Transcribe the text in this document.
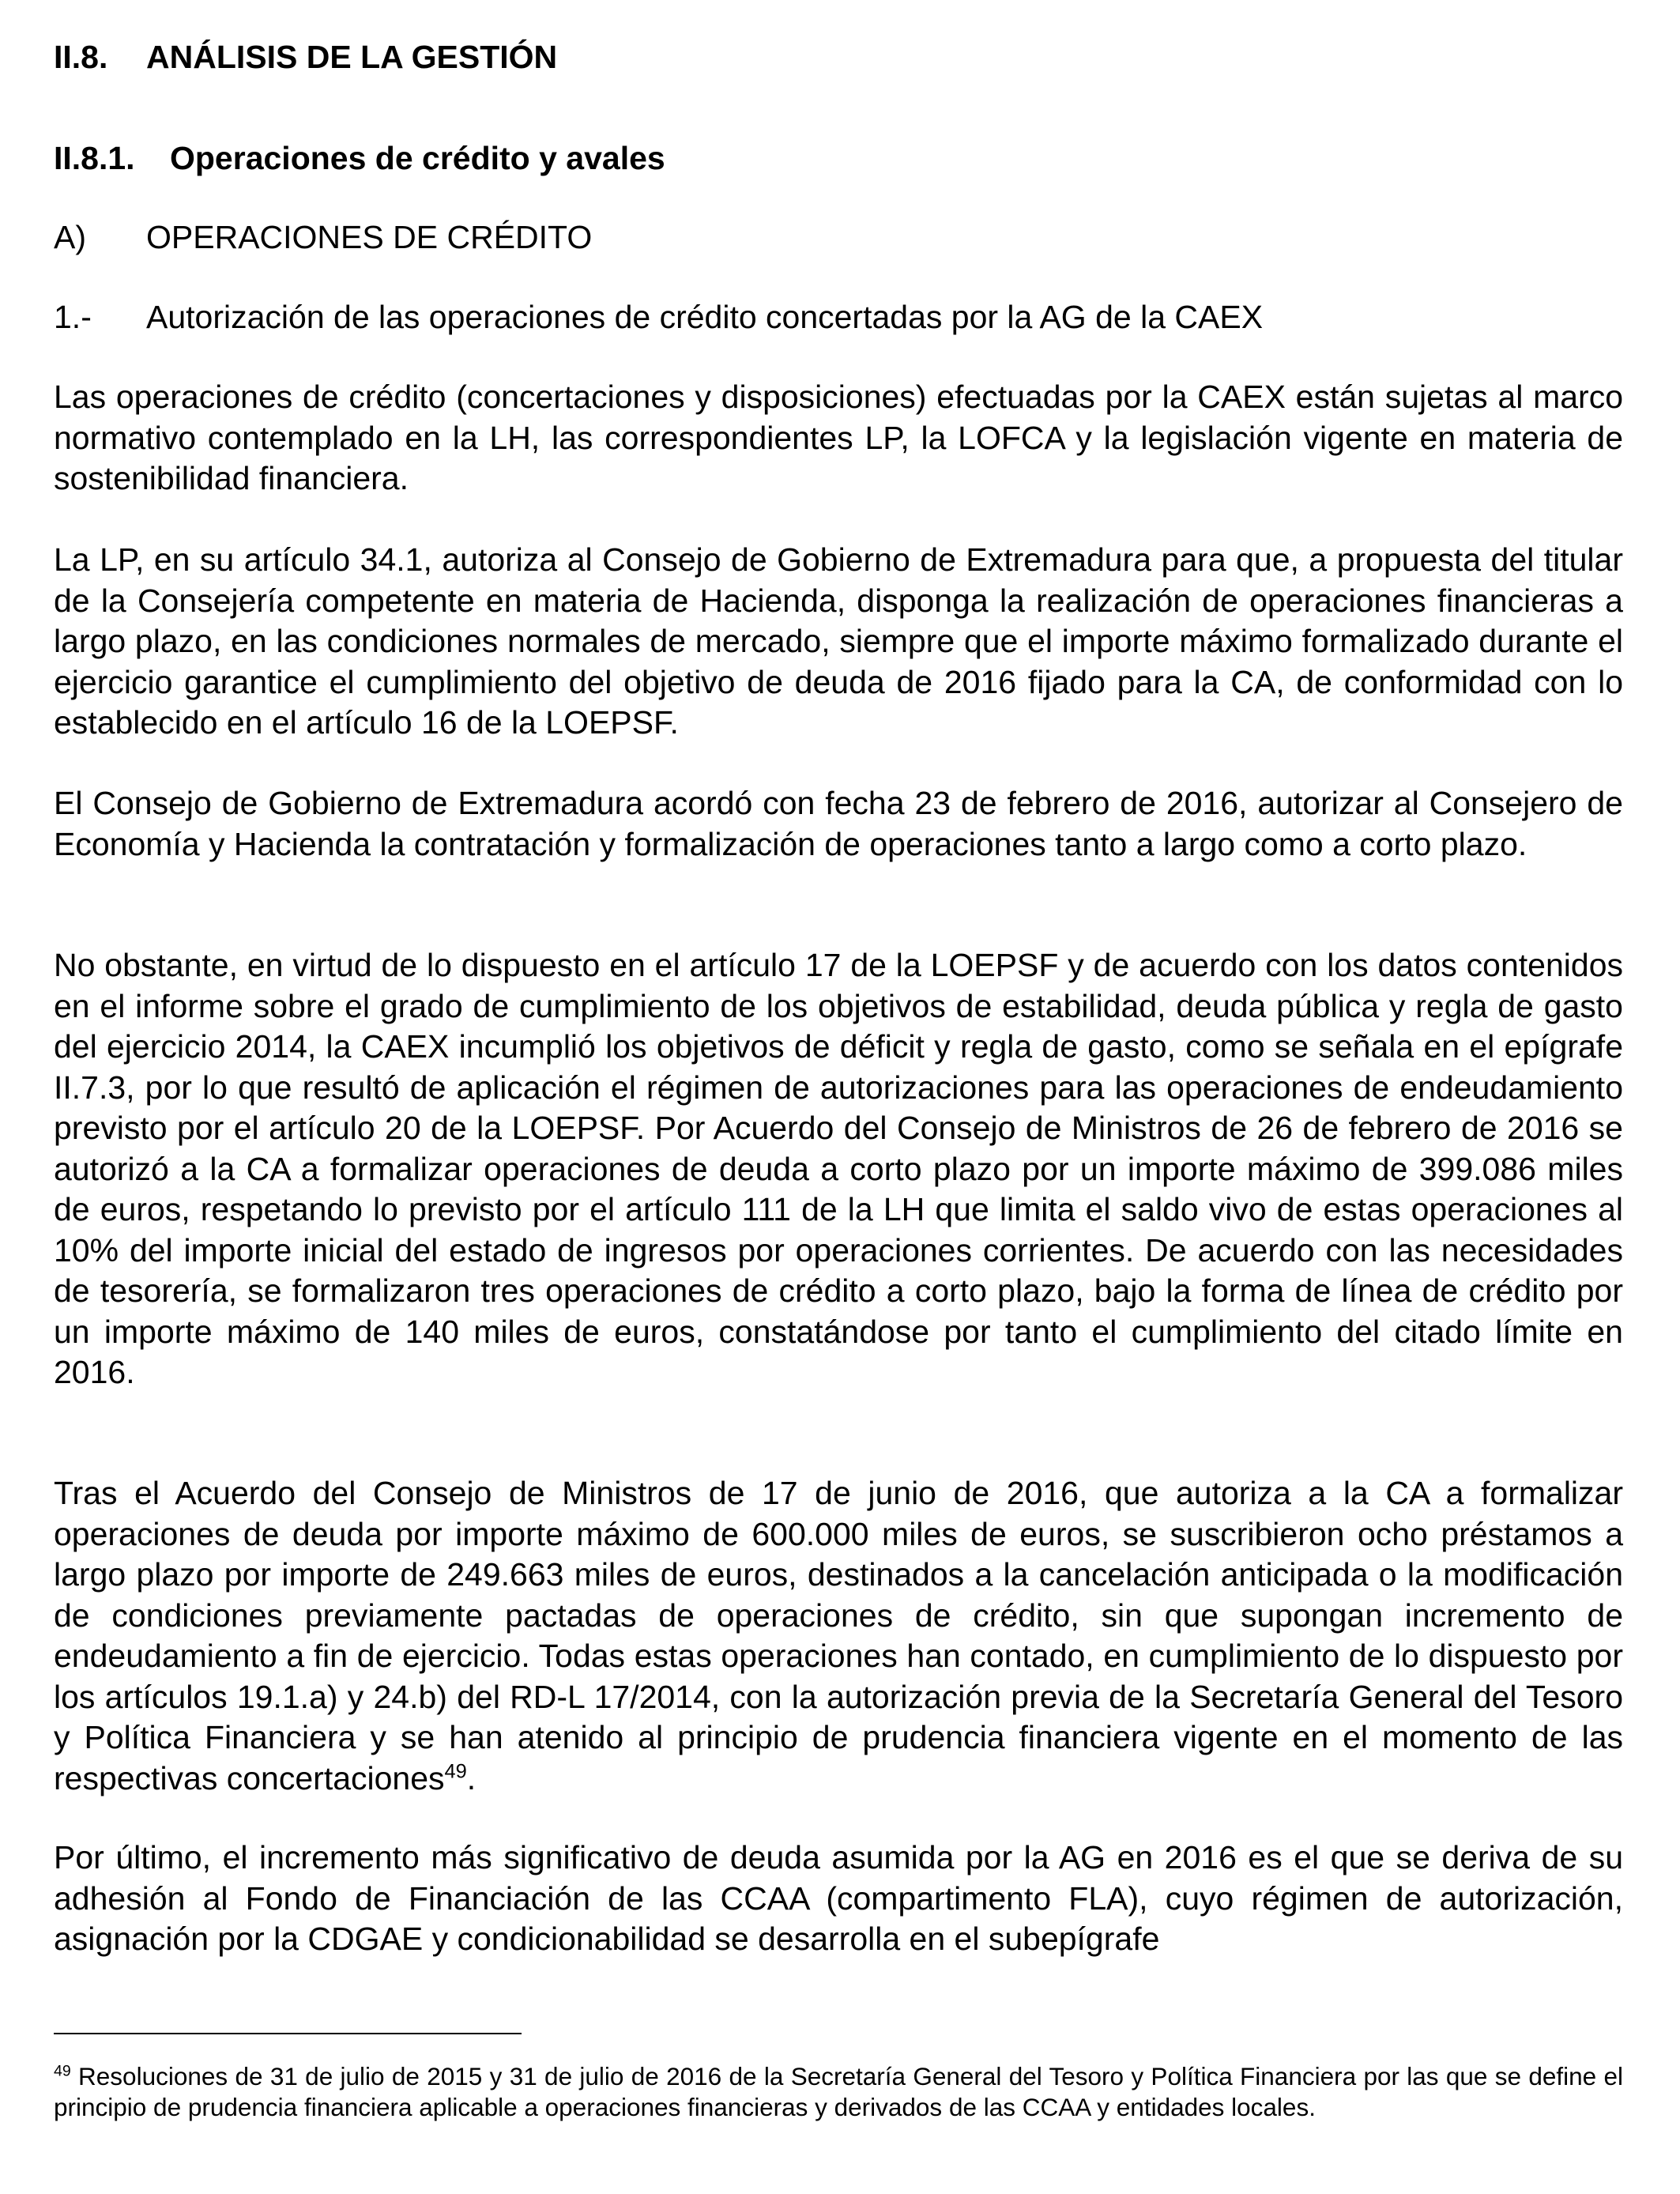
II.8. ANÁLISIS DE LA GESTIÓN
II.8.1. Operaciones de crédito y avales
A) OPERACIONES DE CRÉDITO
1.- Autorización de las operaciones de crédito concertadas por la AG de la CAEX

Las operaciones de crédito (concertaciones y disposiciones) efectuadas por la CAEX están sujetas al marco normativo contemplado en la LH, las correspondientes LP, la LOFCA y la legislación vigente en materia de sostenibilidad financiera.

La LP, en su artículo 34.1, autoriza al Consejo de Gobierno de Extremadura para que, a propuesta del titular de la Consejería competente en materia de Hacienda, disponga la realización de operaciones financieras a largo plazo, en las condiciones normales de mercado, siempre que el importe máximo formalizado durante el ejercicio garantice el cumplimiento del objetivo de deuda de 2016 fijado para la CA, de conformidad con lo establecido en el artículo 16 de la LOEPSF.

El Consejo de Gobierno de Extremadura acordó con fecha 23 de febrero de 2016, autorizar al Consejero de Economía y Hacienda la contratación y formalización de operaciones tanto a largo como a corto plazo.

No obstante, en virtud de lo dispuesto en el artículo 17 de la LOEPSF y de acuerdo con los datos contenidos en el informe sobre el grado de cumplimiento de los objetivos de estabilidad, deuda pública y regla de gasto del ejercicio 2014, la CAEX incumplió los objetivos de déficit y regla de gasto, como se señala en el epígrafe II.7.3, por lo que resultó de aplicación el régimen de autorizaciones para las operaciones de endeudamiento previsto por el artículo 20 de la LOEPSF. Por Acuerdo del Consejo de Ministros de 26 de febrero de 2016 se autorizó a la CA a formalizar operaciones de deuda a corto plazo por un importe máximo de 399.086 miles de euros, respetando lo previsto por el artículo 111 de la LH que limita el saldo vivo de estas operaciones al 10% del importe inicial del estado de ingresos por operaciones corrientes. De acuerdo con las necesidades de tesorería, se formalizaron tres operaciones de crédito a corto plazo, bajo la forma de línea de crédito por un importe máximo de 140 miles de euros, constatándose por tanto el cumplimiento del citado límite en 2016.

Tras el Acuerdo del Consejo de Ministros de 17 de junio de 2016, que autoriza a la CA a formalizar operaciones de deuda por importe máximo de 600.000 miles de euros, se suscribieron ocho préstamos a largo plazo por importe de 249.663 miles de euros, destinados a la cancelación anticipada o la modificación de condiciones previamente pactadas de operaciones de crédito, sin que supongan incremento de endeudamiento a fin de ejercicio. Todas estas operaciones han contado, en cumplimiento de lo dispuesto por los artículos 19.1.a) y 24.b) del RD-L 17/2014, con la autorización previa de la Secretaría General del Tesoro y Política Financiera y se han atenido al principio de prudencia financiera vigente en el momento de las respectivas concertaciones$^{49}$.

Por último, el incremento más significativo de deuda asumida por la AG en 2016 es el que se deriva de su adhesión al Fondo de Financiación de las CCAA (compartimento FLA), cuyo régimen de autorización, asignación por la CDGAE y condicionabilidad se desarrolla en el subepígrafe

$^{49}$ Resoluciones de 31 de julio de 2015 y 31 de julio de 2016 de la Secretaría General del Tesoro y Política Financiera por las que se define el principio de prudencia financiera aplicable a operaciones financieras y derivados de las CCAA y entidades locales.
